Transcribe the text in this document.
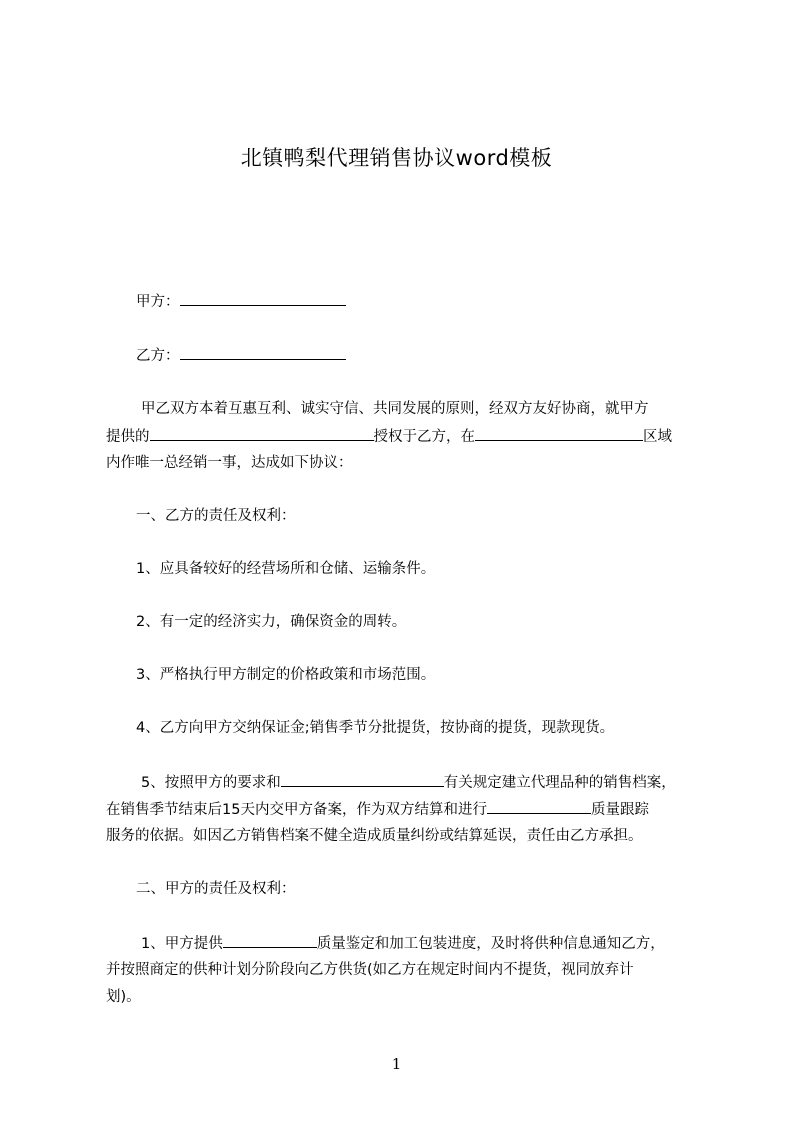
北镇鸭梨代理销售协议word模板
甲方：
乙方：
甲乙双方本着互惠互利、诚实守信、共同发展的原则，经双方友好协商，就甲方
提供的	授权于乙方，在	区域
内作唯一总经销一事，达成如下协议：
一、乙方的责任及权利：
1、应具备较好的经营场所和仓储、运输条件。
2、有一定的经济实力，确保资金的周转。
3、严格执行甲方制定的价格政策和市场范围。
4、乙方向甲方交纳保证金;销售季节分批提货，按协商的提货，现款现货。
5、按照甲方的要求和	有关规定建立代理品种的销售档案，
在销售季节结束后15天内交甲方备案，作为双方结算和进行	质量跟踪
服务的依据。如因乙方销售档案不健全造成质量纠纷或结算延误，责任由乙方承担。
二、甲方的责任及权利：
1、甲方提供	质量鉴定和加工包装进度，及时将供种信息通知乙方，
并按照商定的供种计划分阶段向乙方供货(如乙方在规定时间内不提货，视同放弃计
划)。
1
